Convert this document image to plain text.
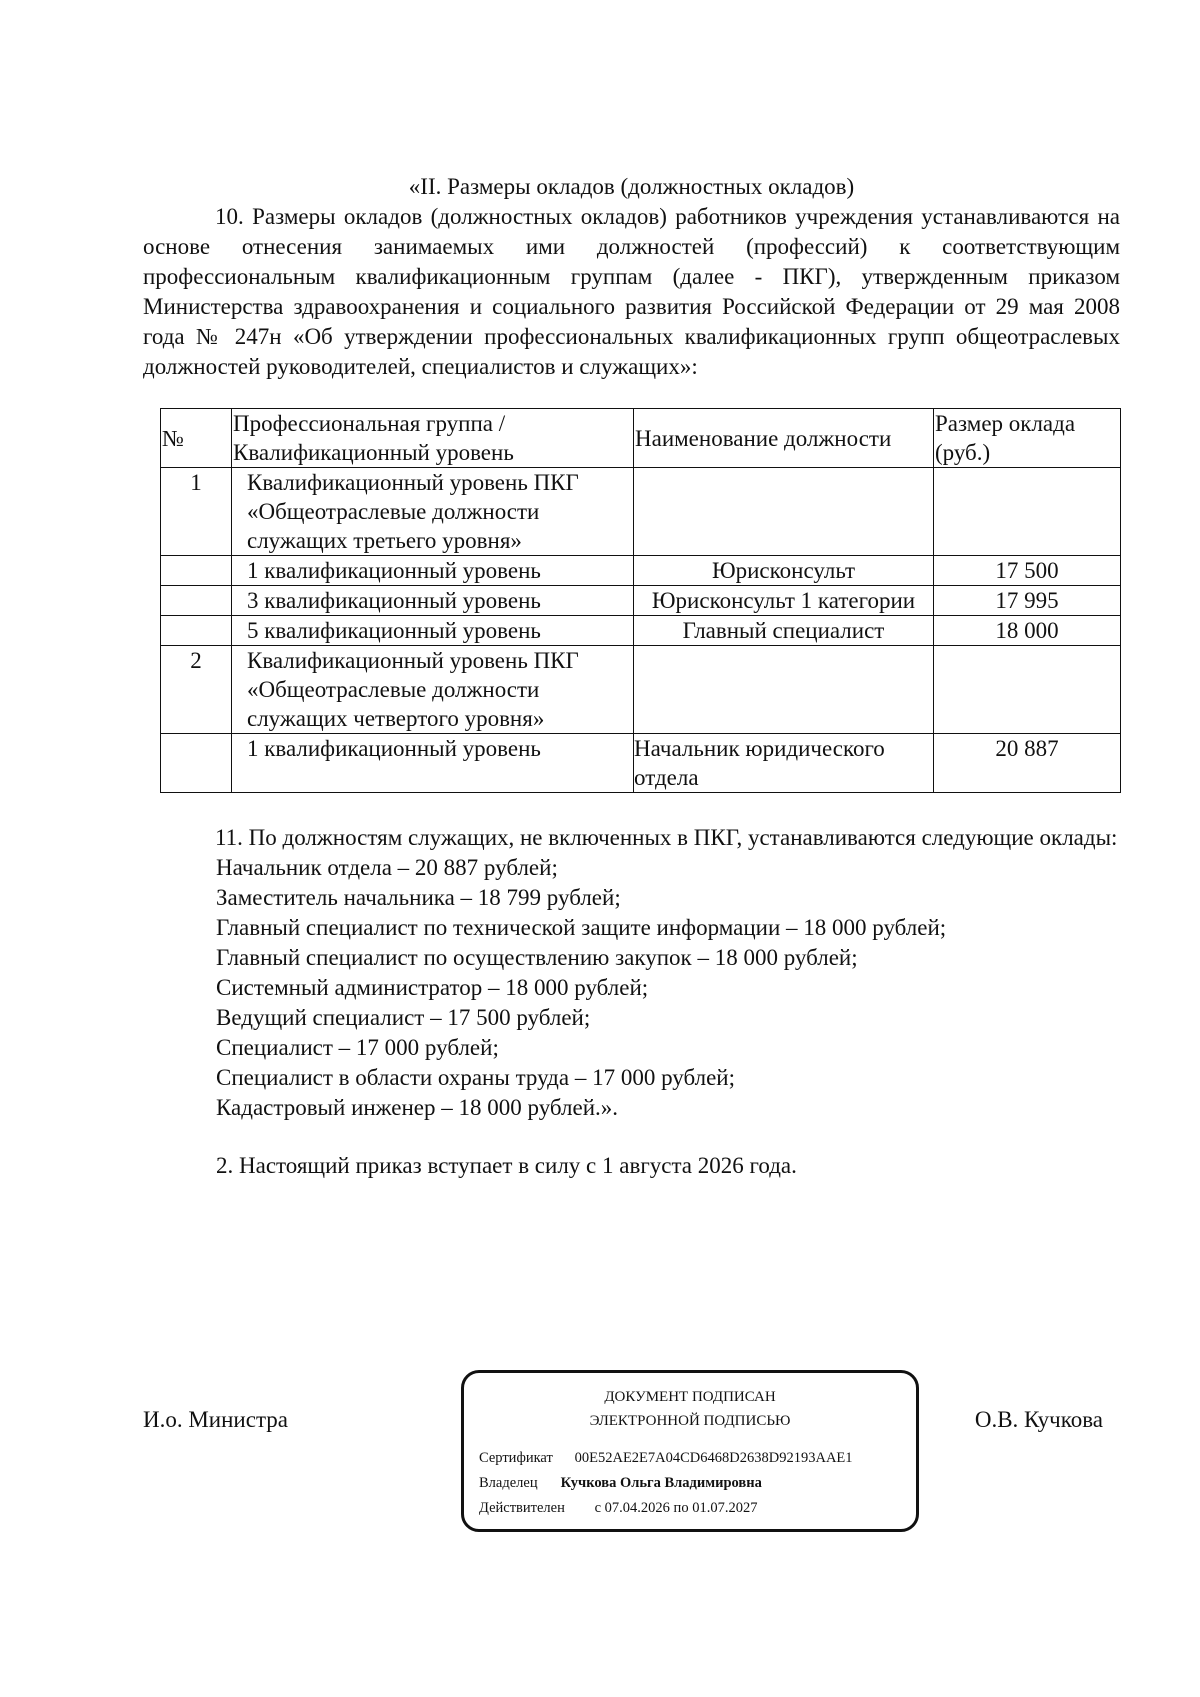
«II. Размеры окладов (должностных окладов)

10. Размеры окладов (должностных окладов) работников учреждения устанавливаются на основе отнесения занимаемых ими должностей (профессий) к соответствующим профессиональным квалификационным группам (далее - ПКГ), утвержденным приказом Министерства здравоохранения и социального развития Российской Федерации от 29 мая 2008 года № 247н «Об утверждении профессиональных квалификационных групп общеотраслевых должностей руководителей, специалистов и служащих»:

№	Профессиональная группа / Квалификационный уровень	Наименование должности	Размер оклада (руб.)
1	Квалификационный уровень ПКГ «Общеотраслевые должности служащих третьего уровня»		
	1 квалификационный уровень	Юрисконсульт	17 500
	3 квалификационный уровень	Юрисконсульт 1 категории	17 995
	5 квалификационный уровень	Главный специалист	18 000
2	Квалификационный уровень ПКГ «Общеотраслевые должности служащих четвертого уровня»		
	1 квалификационный уровень	Начальник юридического отдела	20 887

11. По должностям служащих, не включенных в ПКГ, устанавливаются следующие оклады:

Начальник отдела – 20 887 рублей;

Заместитель начальника – 18 799 рублей;

Главный специалист по технической защите информации – 18 000 рублей;

Главный специалист по осуществлению закупок – 18 000 рублей;

Системный администратор – 18 000 рублей;

Ведущий специалист – 17 500 рублей;

Специалист – 17 000 рублей;

Специалист в области охраны труда – 17 000 рублей;

Кадастровый инженер – 18 000 рублей.».

2. Настоящий приказ вступает в силу с 1 августа 2026 года.

И.о. Министра
ДОКУМЕНТ ПОДПИСАН
ЭЛЕКТРОННОЙ ПОДПИСЬЮ
Сертификат 00E52AE2E7A04CD6468D2638D92193AAE1
Владелец Кучкова Ольга Владимировна
Действителен с 07.04.2026 по 01.07.2027
О.В. Кучкова
